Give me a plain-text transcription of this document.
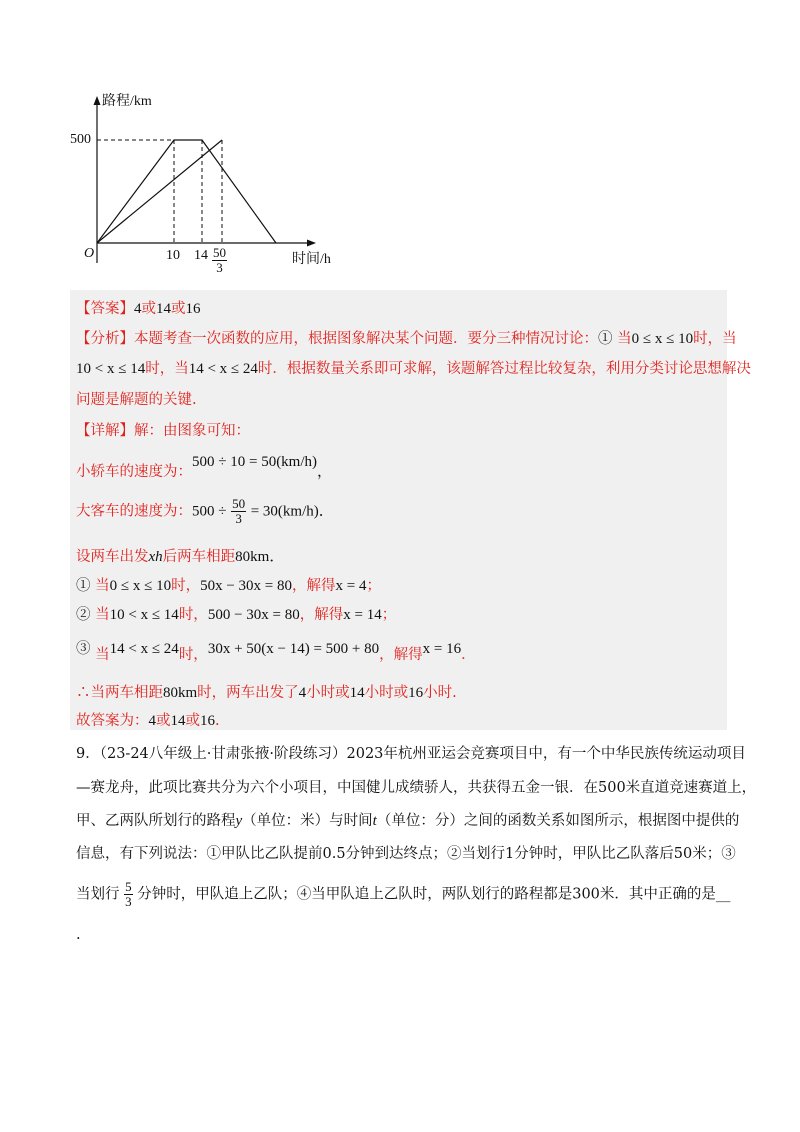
路程/km
500
O	10 $14 \frac{50}{3}$	时间/h
【答案】4或14或16
【分析】本题考查一次函数的应用，根据图象解决某个问题．要分三种情况讨论：① 当0 ≤ x ≤ 10时，当
10 < x ≤ 14时，当14 < x ≤ 24时．根据数量关系即可求解，该题解答过程比较复杂，利用分类讨论思想解决
问题是解题的关键.
【详解】解：由图象可知：
小轿车的速度为：500 ÷ 10 = 50(km/h)，
大客车的速度为：$500 \div \frac{50}{3} = 30(km/h)$．
设两车出发xh后两车相距80km．
① 当0 ≤ x ≤ 10时，50x − 30x = 80，解得x = 4；
② 当10 < x ≤ 14时，500 − 30x = 80，解得x = 14；
③ 当14 < x ≤ 24时，30x + 50(x − 14) = 500 + 80，解得x = 16．
∴当两车相距80km时，两车出发了4小时或14小时或16小时.
故答案为：4或14或16.
9．（23-24八年级上·甘肃张掖·阶段练习）2023年杭州亚运会竞赛项目中，有一个中华民族传统运动项目
—赛龙舟，此项比赛共分为六个小项目，中国健儿成绩骄人，共获得五金一银．在500米直道竞速赛道上，
甲、乙两队所划行的路程y（单位：米）与时间t（单位：分）之间的函数关系如图所示，根据图中提供的
信息，有下列说法：①甲队比乙队提前0.5分钟到达终点；②当划行1分钟时，甲队比乙队落后50米；③
当划行 $\frac{5}{3}$ 分钟时，甲队追上乙队；④当甲队追上乙队时，两队划行的路程都是300米．其中正确的是__
.
